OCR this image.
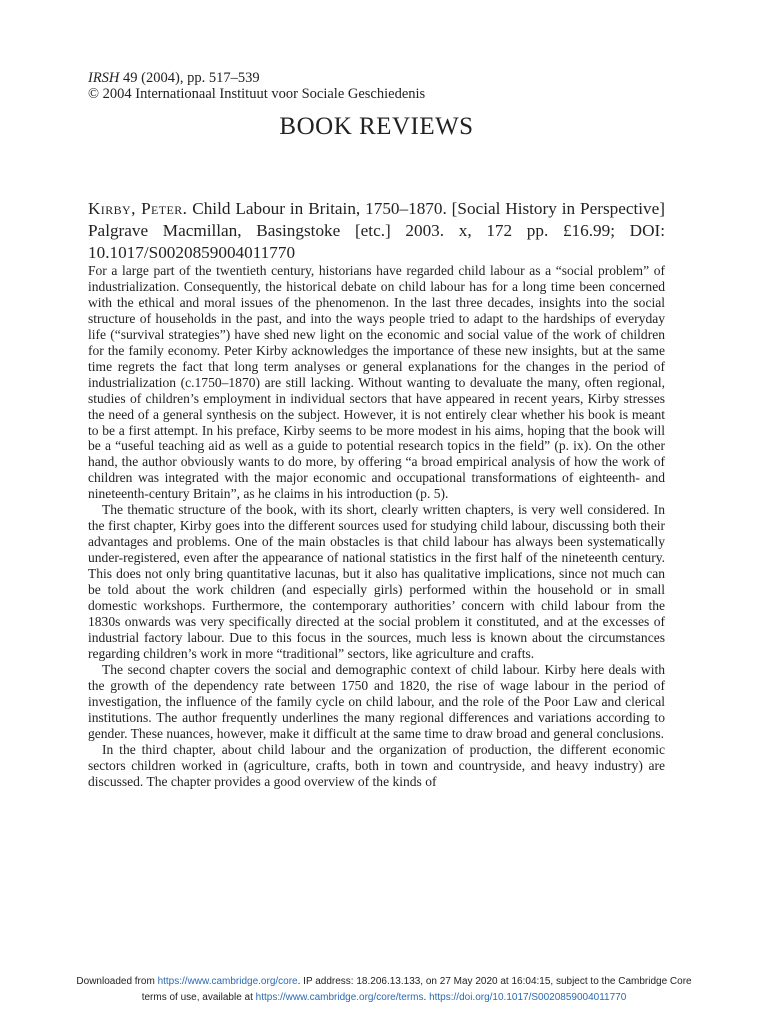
IRSH 49 (2004), pp. 517–539
© 2004 Internationaal Instituut voor Sociale Geschiedenis
BOOK REVIEWS
Kirby, Peter. Child Labour in Britain, 1750–1870. [Social History in Perspective] Palgrave Macmillan, Basingstoke [etc.] 2003. x, 172 pp. £16.99; DOI: 10.1017/S0020859004011770

For a large part of the twentieth century, historians have regarded child labour as a “social problem” of industrialization. Consequently, the historical debate on child labour has for a long time been concerned with the ethical and moral issues of the phenomenon. In the last three decades, insights into the social structure of households in the past, and into the ways people tried to adapt to the hardships of everyday life (“survival strategies”) have shed new light on the economic and social value of the work of children for the family economy. Peter Kirby acknowledges the importance of these new insights, but at the same time regrets the fact that long term analyses or general explanations for the changes in the period of industrialization (c.1750–1870) are still lacking. Without wanting to devaluate the many, often regional, studies of children’s employment in individual sectors that have appeared in recent years, Kirby stresses the need of a general synthesis on the subject. However, it is not entirely clear whether his book is meant to be a first attempt. In his preface, Kirby seems to be more modest in his aims, hoping that the book will be a “useful teaching aid as well as a guide to potential research topics in the field” (p. ix). On the other hand, the author obviously wants to do more, by offering “a broad empirical analysis of how the work of children was integrated with the major economic and occupational transformations of eighteenth- and nineteenth-century Britain”, as he claims in his introduction (p. 5).

The thematic structure of the book, with its short, clearly written chapters, is very well considered. In the first chapter, Kirby goes into the different sources used for studying child labour, discussing both their advantages and problems. One of the main obstacles is that child labour has always been systematically under-registered, even after the appearance of national statistics in the first half of the nineteenth century. This does not only bring quantitative lacunas, but it also has qualitative implications, since not much can be told about the work children (and especially girls) performed within the household or in small domestic workshops. Furthermore, the contemporary authorities’ concern with child labour from the 1830s onwards was very specifically directed at the social problem it constituted, and at the excesses of industrial factory labour. Due to this focus in the sources, much less is known about the circumstances regarding children’s work in more “traditional” sectors, like agriculture and crafts.

The second chapter covers the social and demographic context of child labour. Kirby here deals with the growth of the dependency rate between 1750 and 1820, the rise of wage labour in the period of investigation, the influence of the family cycle on child labour, and the role of the Poor Law and clerical institutions. The author frequently underlines the many regional differences and variations according to gender. These nuances, however, make it difficult at the same time to draw broad and general conclusions.

In the third chapter, about child labour and the organization of production, the different economic sectors children worked in (agriculture, crafts, both in town and countryside, and heavy industry) are discussed. The chapter provides a good overview of the kinds of

Downloaded from https://www.cambridge.org/core. IP address: 18.206.13.133, on 27 May 2020 at 16:04:15, subject to the Cambridge Core
terms of use, available at https://www.cambridge.org/core/terms. https://doi.org/10.1017/S0020859004011770
